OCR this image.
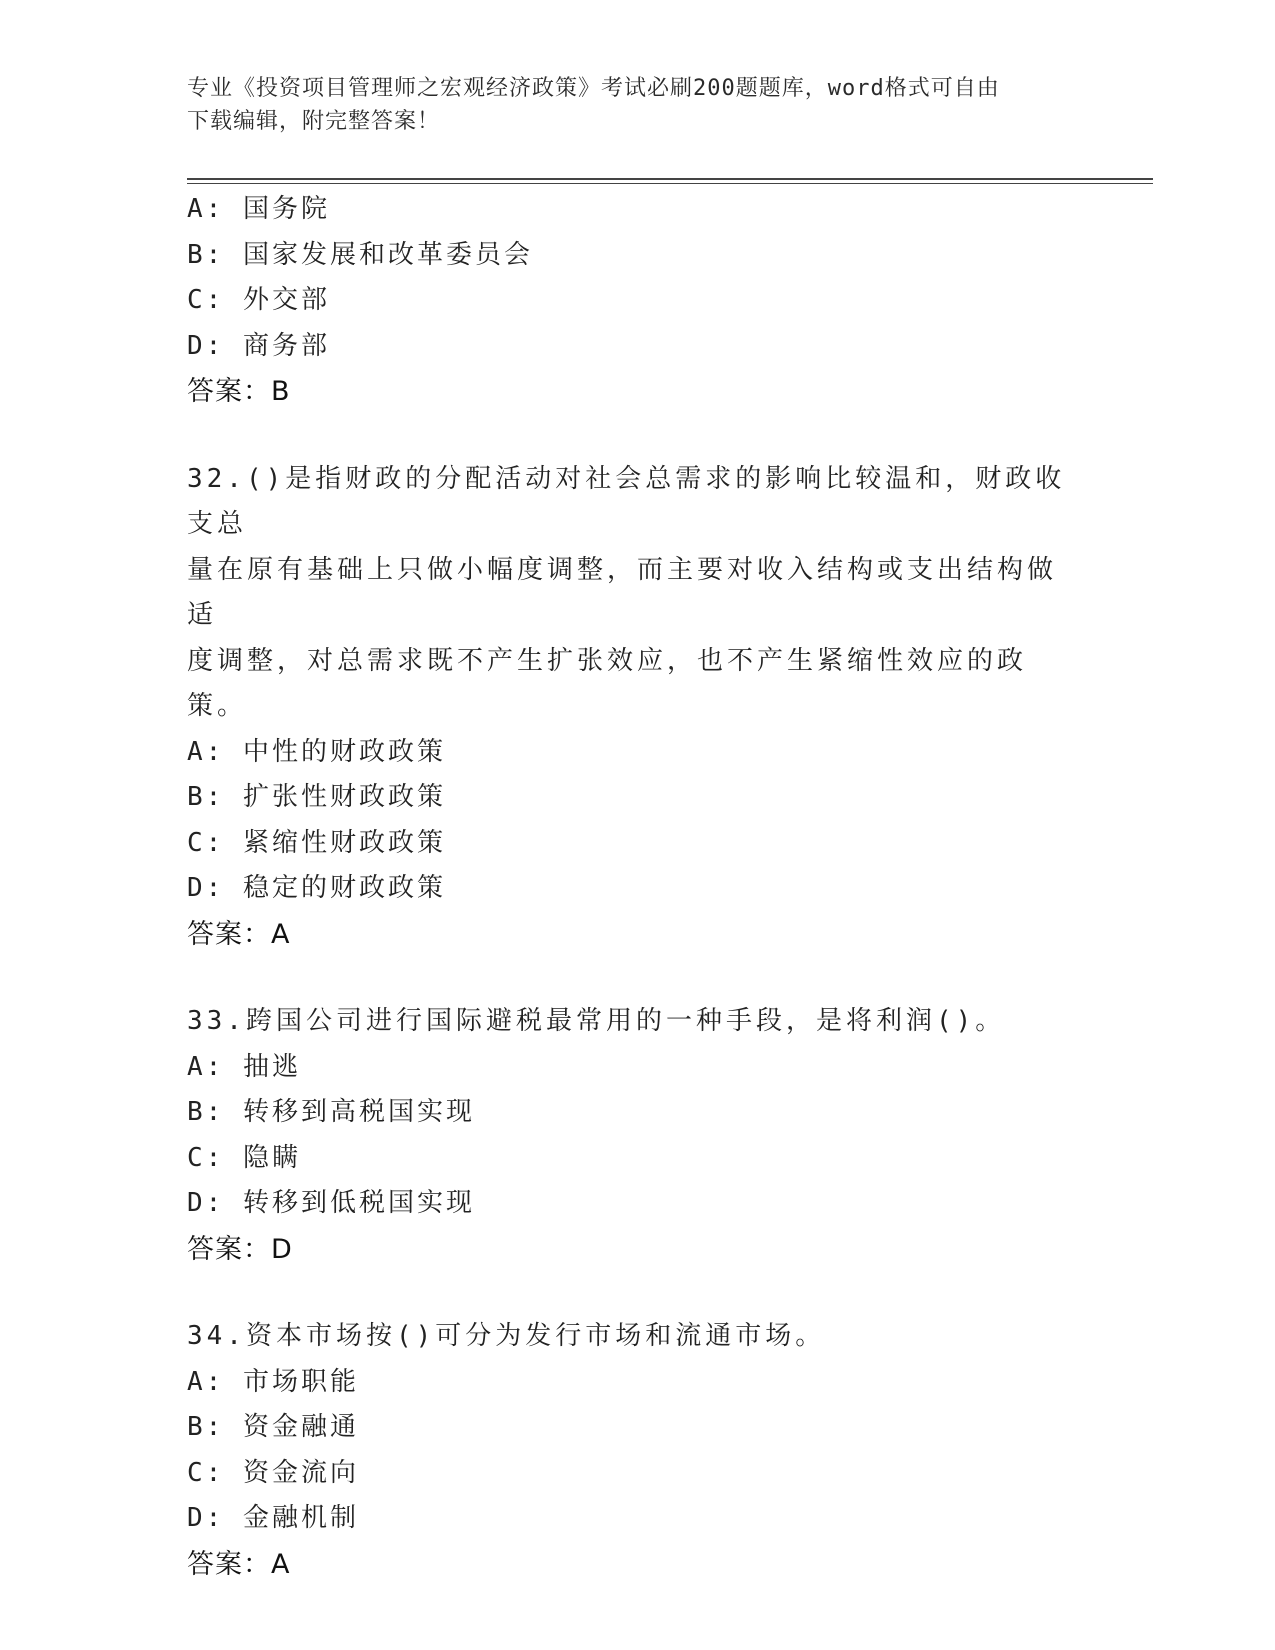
专业《投资项目管理师之宏观经济政策》考试必刷200题题库，word格式可自由
下载编辑，附完整答案！
A: 国务院
B: 国家发展和改革委员会
C: 外交部
D: 商务部
答案：B
32.()是指财政的分配活动对社会总需求的影响比较温和，财政收支总
量在原有基础上只做小幅度调整，而主要对收入结构或支出结构做适
度调整，对总需求既不产生扩张效应，也不产生紧缩性效应的政策。
A: 中性的财政政策
B: 扩张性财政政策
C: 紧缩性财政政策
D: 稳定的财政政策
答案：A
33.跨国公司进行国际避税最常用的一种手段，是将利润()。
A: 抽逃
B: 转移到高税国实现
C: 隐瞒
D: 转移到低税国实现
答案：D
34.资本市场按()可分为发行市场和流通市场。
A: 市场职能
B: 资金融通
C: 资金流向
D: 金融机制
答案：A
